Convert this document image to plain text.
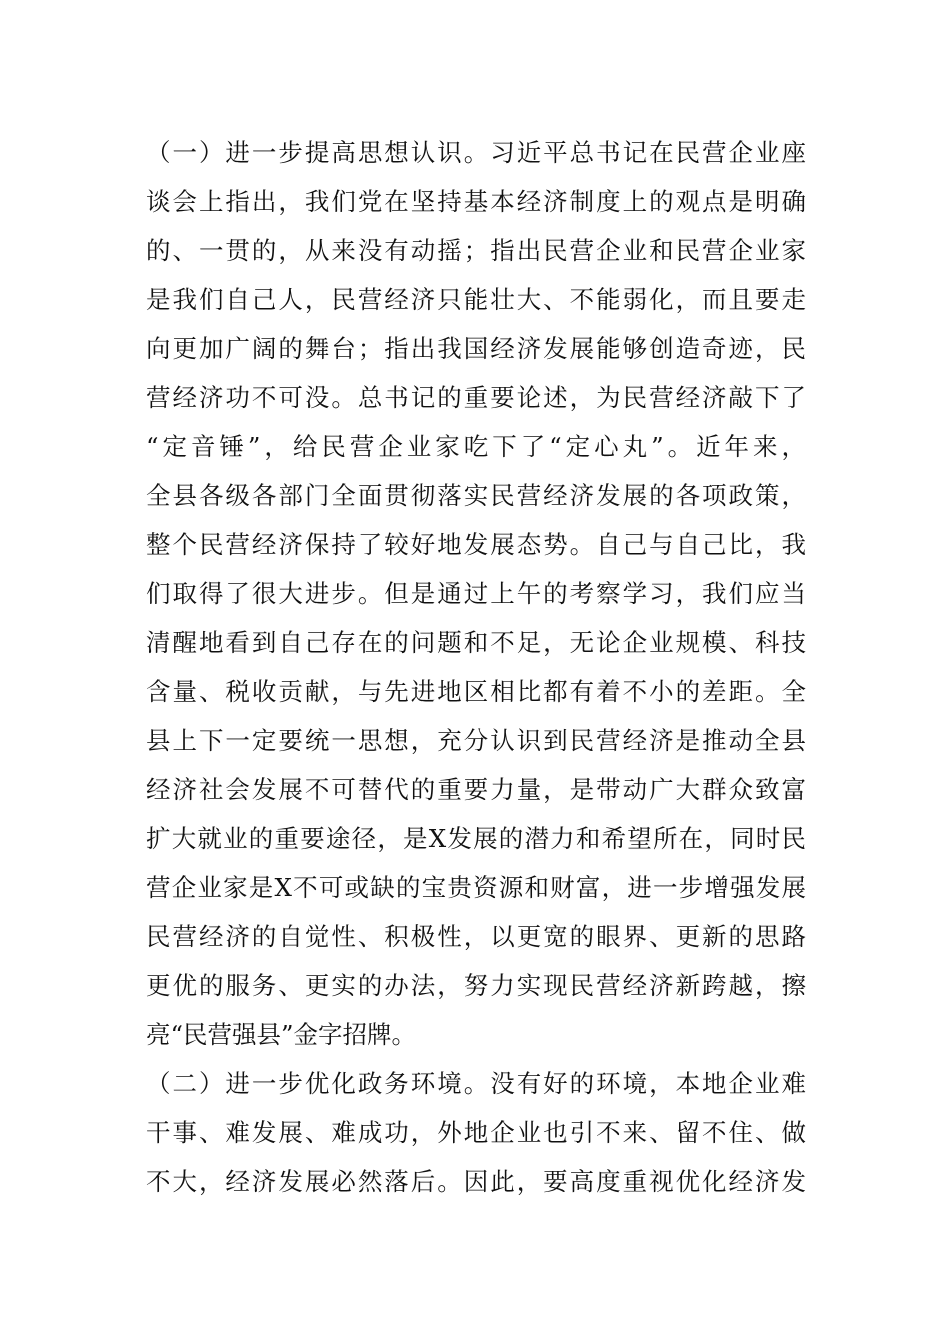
（一）进一步提高思想认识。习近平总书记在民营企业座
谈会上指出，我们党在坚持基本经济制度上的观点是明确
的、一贯的，从来没有动摇；指出民营企业和民营企业家
是我们自己人，民营经济只能壮大、不能弱化，而且要走
向更加广阔的舞台；指出我国经济发展能够创造奇迹，民
营经济功不可没。总书记的重要论述，为民营经济敲下了
“定音锤”，给民营企业家吃下了“定心丸”。近年来，
全县各级各部门全面贯彻落实民营经济发展的各项政策，
整个民营经济保持了较好地发展态势。自己与自己比，我
们取得了很大进步。但是通过上午的考察学习，我们应当
清醒地看到自己存在的问题和不足，无论企业规模、科技
含量、税收贡献，与先进地区相比都有着不小的差距。全
县上下一定要统一思想，充分认识到民营经济是推动全县
经济社会发展不可替代的重要力量，是带动广大群众致富
扩大就业的重要途径，是X发展的潜力和希望所在，同时民
营企业家是X不可或缺的宝贵资源和财富，进一步增强发展
民营经济的自觉性、积极性，以更宽的眼界、更新的思路
更优的服务、更实的办法，努力实现民营经济新跨越，擦
亮“民营强县”金字招牌。
（二）进一步优化政务环境。没有好的环境，本地企业难
干事、难发展、难成功，外地企业也引不来、留不住、做
不大，经济发展必然落后。因此，要高度重视优化经济发
